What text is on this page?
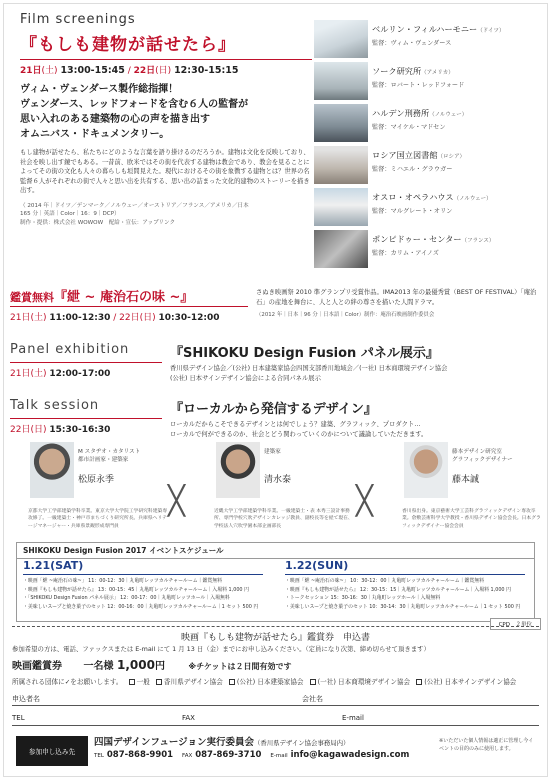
Film screenings
『もしも建物が話せたら』
21日(土) 13:00-15:45 / 22日(日) 12:30-15:15
ヴィム・ヴェンダース製作総指揮！
ヴェンダース、レッドフォードを含む６人の監督が
思い入れのある建築物の心の声を描き出す
オムニバス・ドキュメンタリー。
もし建物が話せたら、私たちにどのような言葉を語り掛けるのだろうか。建物は文化を反映しており、社会を映し出す鏡でもある。一昔前、欧米ではその街を代表する建物は教会であり、教会を見ることによってその街の文化も人々の暮らしも垣間見えた。現代におけるその街を象徴する建物とは？世界の名監督６人がそれぞれの街で人々と思い出を共有する、思い出の詰まった文化的建物のストーリーを描き出す。
（ 2014 年｜ドイツ／デンマーク／ノルウェー／オーストリア／フランス／アメリカ／日本
165 分｜英語｜Color｜16：9｜DCP）
制作・提供：株式会社 WOWOW　配給・宣伝：アップリンク
ベルリン・フィルハーモニー（ドイツ）
監督：ヴィム・ヴェンダース
ソーク研究所（アメリカ）
監督：ロバート・レッドフォード
ハルデン刑務所（ノルウェー）
監督：マイケル・マドセン
ロシア国立図書館（ロシア）
監督：ミハエル・グラウガー
オスロ・オペラハウス（ノルウェー）
監督：マルグレート・オリン
ポンピドゥー・センター（フランス）
監督：カリム・アイノズ
鑑賞無料『紲 ~ 庵治石の味 ~』
21日(土) 11:00-12:30 / 22日(日) 10:30-12:00
さぬき映画祭 2010 準グランプリ受賞作品。IMA2013 年の最優秀賞（BEST OF FESTIVAL）「庵治石」の産地を舞台に、人と人との絆の尊さを描いた人間ドラマ。
（2012 年｜日本｜96 分｜日本語｜Color）制作：庵治石映画制作委員会
Panel exhibition
21日(土) 12:00-17:00
『SHIKOKU Design Fusion パネル展示』
香川県デザイン協会／(公社) 日本建築家協会四国支部香川地域会／(一社) 日本商環境デザイン協会
(公社) 日本サインデザイン協会による合同パネル展示
Talk session
22日(日) 15:30-16:30
『ローカルから発信するデザイン』
ローカルだからこそできるデザインとは何でしょう？建築、グラフィック、プロダクト…
ローカルで何ができるのか、社会とどう関わっていくのかについて議論していただきます。
M スタヂオ・カタリスト
都市計画家・建築家
松原永季
京都大学工学部建築学科卒業。東京大学大学院工学研究科建築専攻修了。一級建築士・神戸市まちづくり研究所長。兵庫県ヘリテージマネージャー・兵庫県景観形成専門員
╳
建築家
清水泰
近畿大学工学部建築学科卒業。一級建築士・表 本秀三設計事務所、専門学校穴吹デザインカレッジ教員、副校長等を経て現在、学校法人穴吹学園本部企画部長
╳
藤本デザイン研究室
グラフィックデザイナー
藤本誠
香川県出身。東京藝術大学工芸科グラフィックデザイン専攻卒業。倉敷芸術科学大学教授・香川県デザイン協会会長。日本グラフィックデザイナー協会会員
SHIKOKU Design Fusion 2017 イベントスケジュール
1.21(SAT)
・映画「紲 ~庵治石の味~」 11：00-12：30｜丸亀町レッツカルチャールーム｜鑑賞無料
・映画『もしも建物が話せたら』 13：00-15：45｜丸亀町レッツカルチャールーム｜入場料 1,000 円
・「SHIKOKU Design Fusion パネル展示」 12：00-17：00｜丸亀町レッツホール｜入場無料
・美味しいスープと焼き菓子のセット 12：00-16：00｜丸亀町レッツカルチャールーム｜1 セット 500 円
1.22(SUN)
・映画「紲 ~庵治石の味~」 10：30-12：00｜丸亀町レッツカルチャールーム｜鑑賞無料
・映画『もしも建物が話せたら』 12：30-15：15｜丸亀町レッツカルチャールーム｜入場料 1,000 円
・トークセッション 15：30-16：30｜丸亀町レッツホール｜入場無料
・美味しいスープと焼き菓子のセット 10：30-14：30｜丸亀町レッツカルチャールーム｜1 セット 500 円
CPD　２単位
映画『もしも建物が話せたら』鑑賞券　申込書
参加希望の方は、電話、ファックスまたは E-mail にて 1 月 13 日（金）までにお申し込みください。（定員になり次第、締め切らせて頂きます）
映画鑑賞券 一名様 1,000円	※チケットは２日間有効です
所属される団体に✓をお願いします。 一般 香川県デザイン協会 (公社) 日本建築家協会 (一社) 日本商環境デザイン協会 (公社) 日本サインデザイン協会
申込者名	会社名
TEL	FAX	E-mail
参加申し込み先
四国デザインフュージョン実行委員会（香川県デザイン協会事務局内）
TEL 087-868-9901 FAX 087-869-3710 E-mail info@kagawadesign.com
※いただいた個人情報は適正に管理し今イベントの目的のみに使用します。
